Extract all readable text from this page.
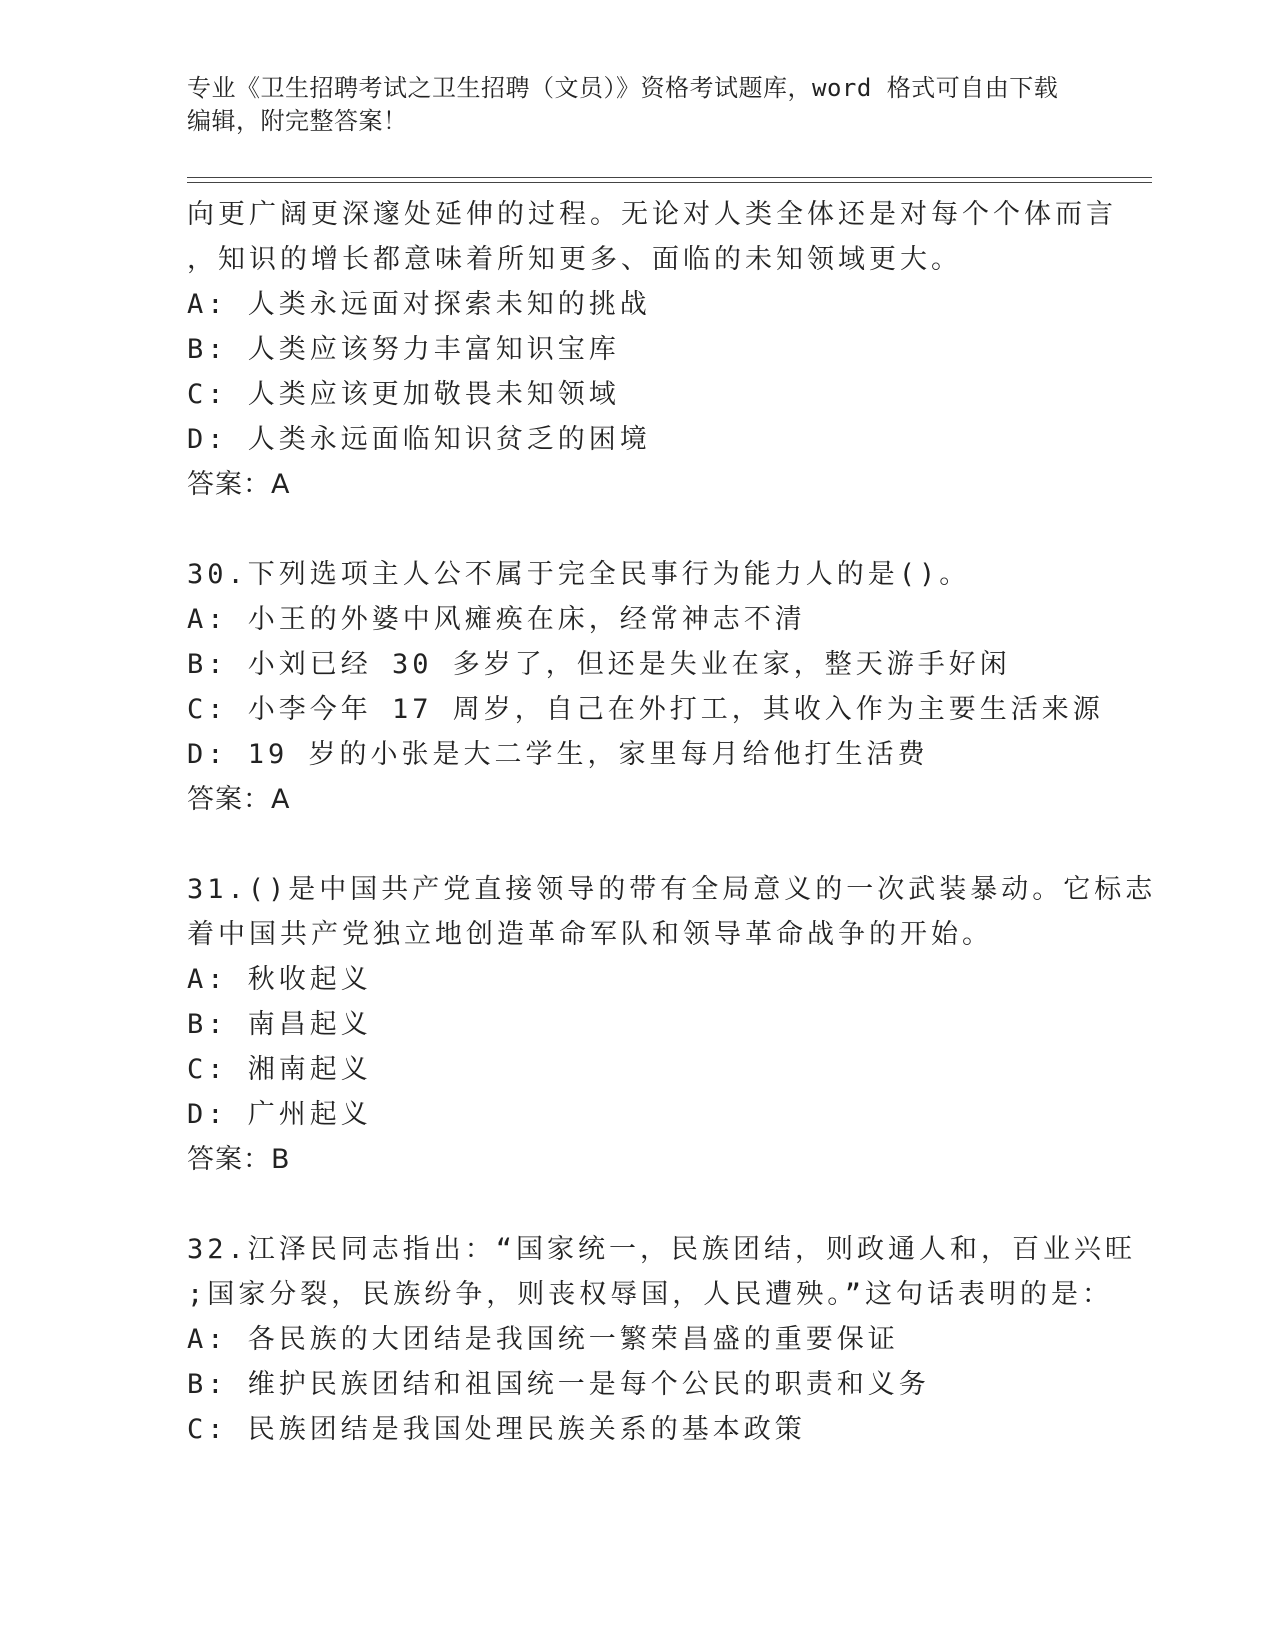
专业《卫生招聘考试之卫生招聘（文员）》资格考试题库，word 格式可自由下载
编辑，附完整答案！
向更广阔更深邃处延伸的过程。无论对人类全体还是对每个个体而言
，知识的增长都意味着所知更多、面临的未知领域更大。
A: 人类永远面对探索未知的挑战
B: 人类应该努力丰富知识宝库
C: 人类应该更加敬畏未知领域
D: 人类永远面临知识贫乏的困境
答案：A
30.下列选项主人公不属于完全民事行为能力人的是()。
A: 小王的外婆中风瘫痪在床，经常神志不清
B: 小刘已经 30 多岁了，但还是失业在家，整天游手好闲
C: 小李今年 17 周岁，自己在外打工，其收入作为主要生活来源
D: 19 岁的小张是大二学生，家里每月给他打生活费
答案：A
31.()是中国共产党直接领导的带有全局意义的一次武装暴动。它标志
着中国共产党独立地创造革命军队和领导革命战争的开始。
A: 秋收起义
B: 南昌起义
C: 湘南起义
D: 广州起义
答案：B
32.江泽民同志指出：“国家统一，民族团结，则政通人和，百业兴旺
;国家分裂，民族纷争，则丧权辱国，人民遭殃。”这句话表明的是：
A: 各民族的大团结是我国统一繁荣昌盛的重要保证
B: 维护民族团结和祖国统一是每个公民的职责和义务
C: 民族团结是我国处理民族关系的基本政策
